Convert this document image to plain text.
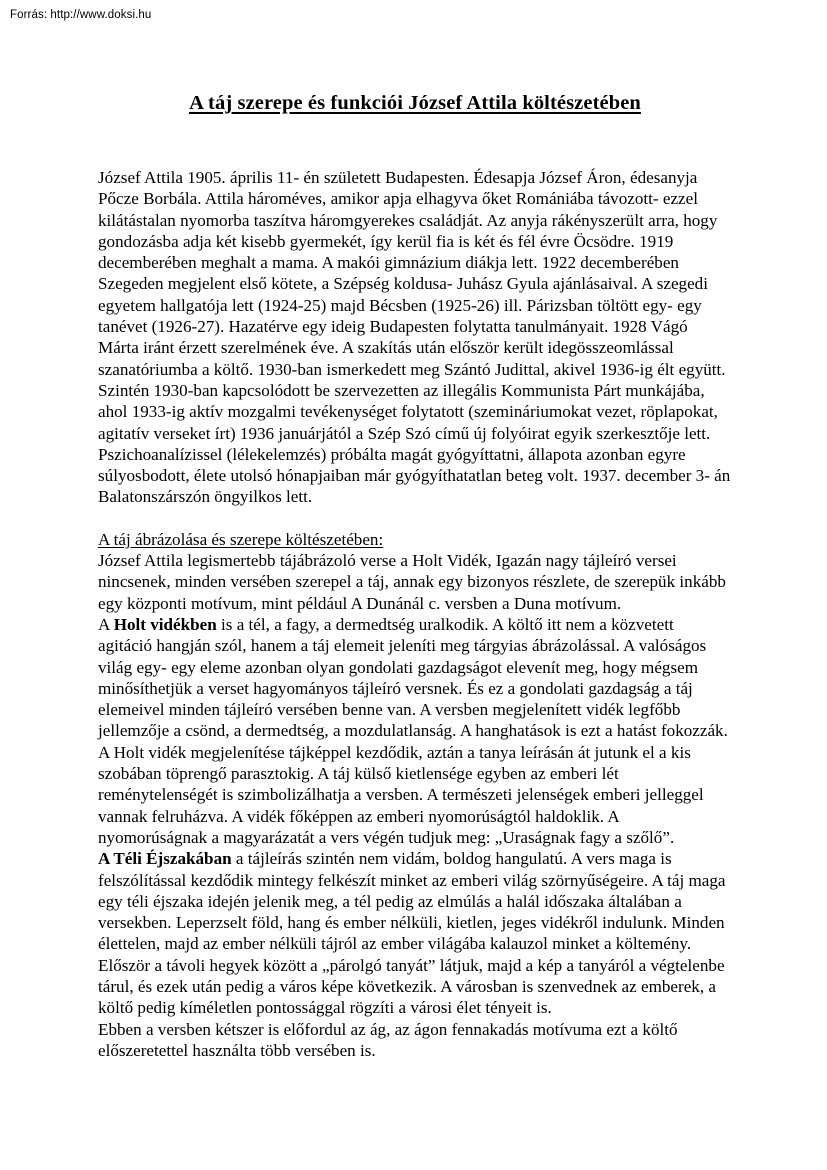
Forrás: http://www.doksi.hu
A táj szerepe és funkciói József Attila költészetében
József Attila 1905. április 11- én született Budapesten. Édesapja József Áron, édesanyja Pőcze Borbála. Attila hároméves, amikor apja elhagyva őket Romániába távozott- ezzel kilátástalan nyomorba taszítva háromgyerekes családját. Az anyja rákényszerült arra, hogy gondozásba adja két kisebb gyermekét, így kerül fia is két és fél évre Öcsödre. 1919 decemberében meghalt a mama. A makói gimnázium diákja lett. 1922 decemberében Szegeden megjelent első kötete, a Szépség koldusa- Juhász Gyula ajánlásaival. A szegedi egyetem hallgatója lett (1924-25) majd Bécsben (1925-26) ill. Párizsban töltött egy- egy tanévet (1926-27). Hazatérve egy ideig Budapesten folytatta tanulmányait. 1928 Vágó Márta iránt érzett szerelmének éve. A szakítás után először került idegösszeomlással szanatóriumba a költő. 1930-ban ismerkedett meg Szántó Judittal, akivel 1936-ig élt együtt. Szintén 1930-ban kapcsolódott be szervezetten az illegális Kommunista Párt munkájába, ahol 1933-ig aktív mozgalmi tevékenységet folytatott (szemináriumokat vezet, röplapokat, agitatív verseket írt) 1936 januárjától a Szép Szó című új folyóirat egyik szerkesztője lett. Pszichoanalízissel (lélekelemzés) próbálta magát gyógyíttatni, állapota azonban egyre súlyosbodott, élete utolsó hónapjaiban már gyógyíthatatlan beteg volt. 1937. december 3- án Balatonszárszón öngyilkos lett.
A táj ábrázolása és szerepe költészetében:
József Attila legismertebb tájábrázoló verse a Holt Vidék, Igazán nagy tájleíró versei nincsenek, minden versében szerepel a táj, annak egy bizonyos részlete, de szerepük inkább egy központi motívum, mint például A Dunánál c. versben a Duna motívum.
A Holt vidékben is a tél, a fagy, a dermedtség uralkodik. A költő itt nem a közvetett agitáció hangján szól, hanem a táj elemeit jeleníti meg tárgyias ábrázolással. A valóságos világ egy- egy eleme azonban olyan gondolati gazdagságot elevenít meg, hogy mégsem minősíthetjük a verset hagyományos tájleíró versnek. És ez a gondolati gazdagság a táj elemeivel minden tájleíró versében benne van. A versben megjelenített vidék legfőbb jellemzője a csönd, a dermedtség, a mozdulatlanság. A hanghatások is ezt a hatást fokozzák. A Holt vidék megjelenítése tájképpel kezdődik, aztán a tanya leírásán át jutunk el a kis szobában töprengő parasztokig. A táj külső kietlensége egyben az emberi lét reménytelenségét is szimbolizálhatja a versben. A természeti jelenségek emberi jelleggel vannak felruházva. A vidék főképpen az emberi nyomorúságtól haldoklik. A nyomorúságnak a magyarázatát a vers végén tudjuk meg: „Uraságnak fagy a szőlő”.
A Téli Éjszakában a tájleírás szintén nem vidám, boldog hangulatú. A vers maga is felszólítással kezdődik mintegy felkészít minket az emberi világ szörnyűségeire. A táj maga egy téli éjszaka idején jelenik meg, a tél pedig az elmúlás a halál időszaka általában a versekben. Leperzselt föld, hang és ember nélküli, kietlen, jeges vidékről indulunk. Minden élettelen, majd az ember nélküli tájról az ember világába kalauzol minket a költemény. Először a távoli hegyek között a „párolgó tanyát” látjuk, majd a kép a tanyáról a végtelenbe tárul, és ezek után pedig a város képe következik. A városban is szenvednek az emberek, a költő pedig kíméletlen pontossággal rögzíti a városi élet tényeit is.
Ebben a versben kétszer is előfordul az ág, az ágon fennakadás motívuma ezt a költő előszeretettel használta több versében is.
